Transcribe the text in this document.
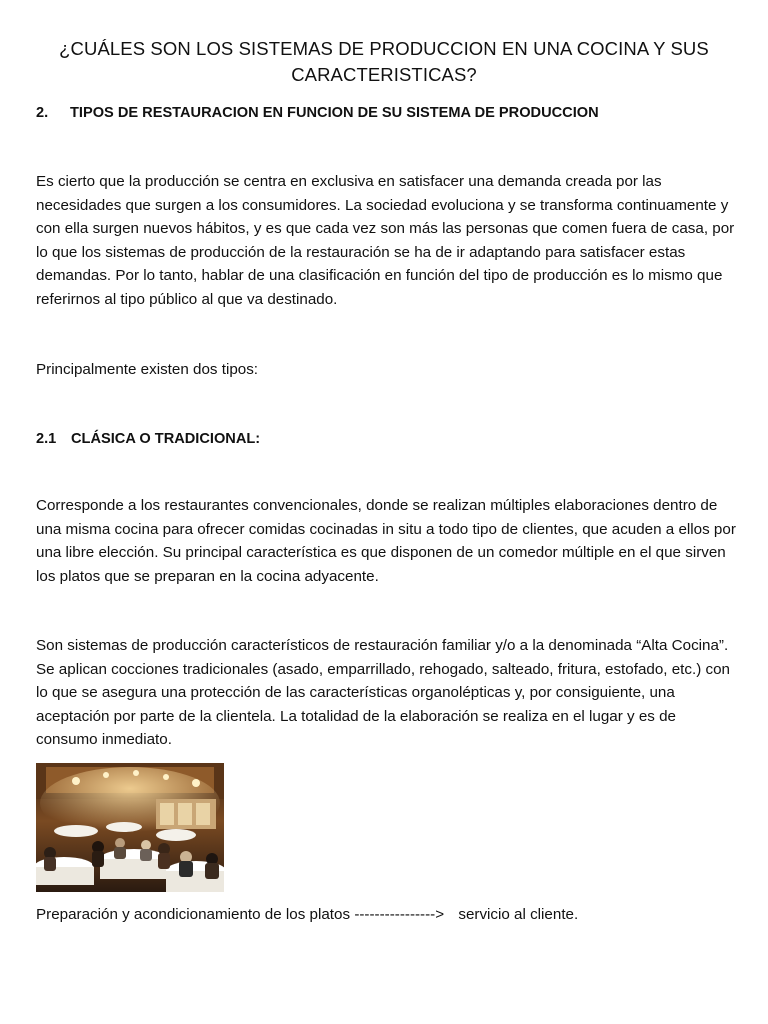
¿CUÁLES SON LOS SISTEMAS DE PRODUCCION EN UNA COCINA Y SUS CARACTERISTICAS?
2. TIPOS DE RESTAURACION EN FUNCION DE SU SISTEMA DE PRODUCCION

Es cierto que la producción se centra en exclusiva en satisfacer una demanda creada por las necesidades que surgen a los consumidores. La sociedad evoluciona y se transforma continuamente y con ella surgen nuevos hábitos, y es que cada vez son más las personas que comen fuera de casa, por lo que los sistemas de producción de la restauración se ha de ir adaptando para satisfacer estas demandas. Por lo tanto, hablar de una clasificación en función del tipo de producción es lo mismo que referirnos al tipo público al que va destinado.

Principalmente existen dos tipos:

2.1 CLÁSICA O TRADICIONAL:

Corresponde a los restaurantes convencionales, donde se realizan múltiples elaboraciones dentro de una misma cocina para ofrecer comidas cocinadas in situ a todo tipo de clientes, que acuden a ellos por una libre elección. Su principal característica es que disponen de un comedor múltiple en el que sirven los platos que se preparan en la cocina adyacente.

Son sistemas de producción característicos de restauración familiar y/o a la denominada “Alta Cocina”. Se aplican cocciones tradicionales (asado, emparrillado, rehogado, salteado, fritura, estofado, etc.) con lo que se asegura una protección de las características organolépticas y, por consiguiente, una aceptación por parte de la clientela. La totalidad de la elaboración se realiza en el lugar y es de consumo inmediato.

Preparación y acondicionamiento de los platos ----------------> servicio al cliente.
